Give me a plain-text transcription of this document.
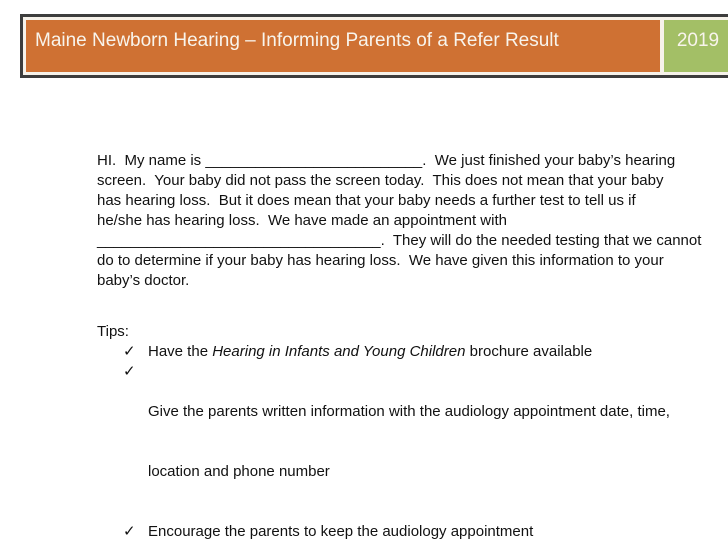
Maine Newborn Hearing – Informing Parents of a Refer Result	2019
HI.  My name is __________________________.  We just finished your baby’s hearing
screen.  Your baby did not pass the screen today.  This does not mean that your baby
has hearing loss.  But it does mean that your baby needs a further test to tell us if
he/she has hearing loss.  We have made an appointment with
__________________________________.  They will do the needed testing that we cannot
do to determine if your baby has hearing loss.  We have given this information to your
baby’s doctor.
Tips:
✓ Have the Hearing in Infants and Young Children brochure available
✓

Give the parents written information with the audiology appointment date, time,

location and phone number

✓ Encourage the parents to keep the audiology appointment
